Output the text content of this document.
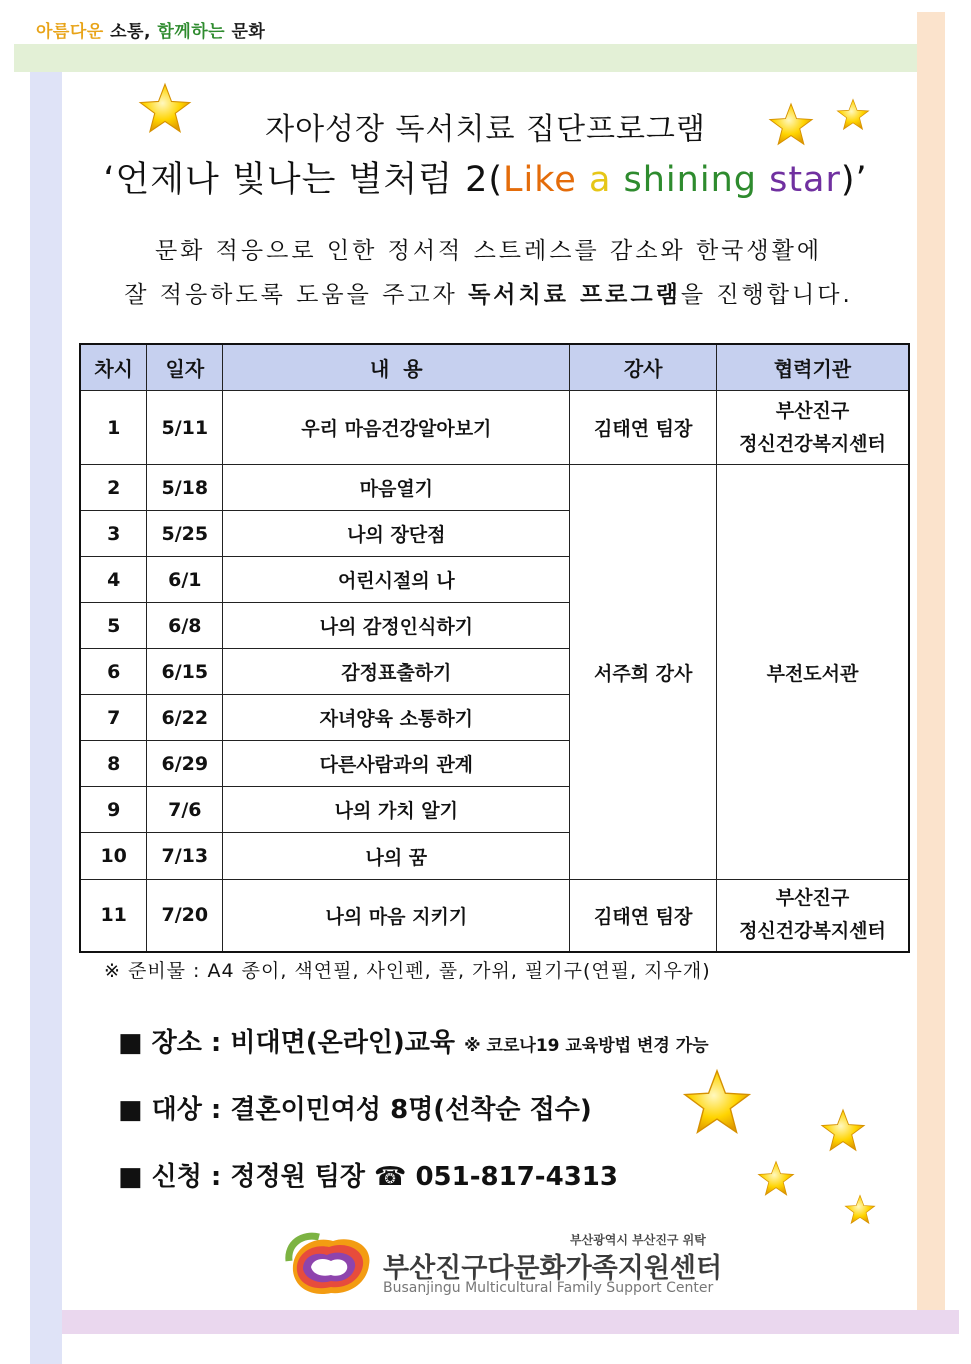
아름다운 소통, 함께하는 문화
자아성장 독서치료 집단프로그램
‘언제나 빛나는 별처럼 2(Like a shining star)’
문화 적응으로 인한 정서적 스트레스를 감소와 한국생활에
잘 적응하도록 도움을 주고자 독서치료 프로그램을 진행합니다.
차시	일자	내  용	강사	협력기관
1	5/11	우리 마음건강알아보기	김태연 팀장	부산진구
정신건강복지센터
2	5/18	마음열기	서주희 강사	부전도서관
3	5/25	나의 장단점		
4	6/1	어린시절의 나		
5	6/8	나의 감정인식하기		
6	6/15	감정표출하기		
7	6/22	자녀양육 소통하기		
8	6/29	다른사람과의 관계		
9	7/6	나의 가치 알기		
10	7/13	나의 꿈		
11	7/20	나의 마음 지키기	김태연 팀장	부산진구
정신건강복지센터
※ 준비물 : A4 종이, 색연필, 사인펜, 풀, 가위, 필기구(연필, 지우개)
■ 장소 : 비대면(온라인)교육 ※ 코로나19 교육방법 변경 가능
■ 대상 : 결혼이민여성 8명(선착순 접수)
■ 신청 : 정정원 팀장 ☎ 051-817-4313
부산광역시 부산진구 위탁
부산진구다문화가족지원센터
Busanjingu Multicultural Family Support Center
